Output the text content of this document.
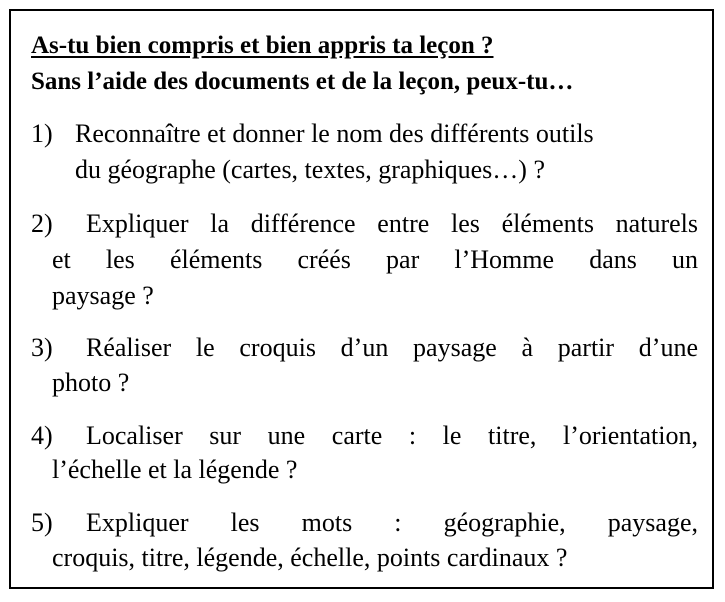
As-tu bien compris et bien appris ta leçon ?
Sans l’aide des documents et de la leçon, peux-tu…
1) Reconnaître et donner le nom des différents outils
du géographe (cartes, textes, graphiques…) ?
2) Expliquer la différence entre les éléments naturels
et les éléments créés par l’Homme dans un
paysage ?
3) Réaliser le croquis d’un paysage à partir d’une
photo ?
4) Localiser sur une carte : le titre, l’orientation,
l’échelle et la légende ?
5) Expliquer les mots : géographie, paysage,
croquis, titre, légende, échelle, points cardinaux ?
